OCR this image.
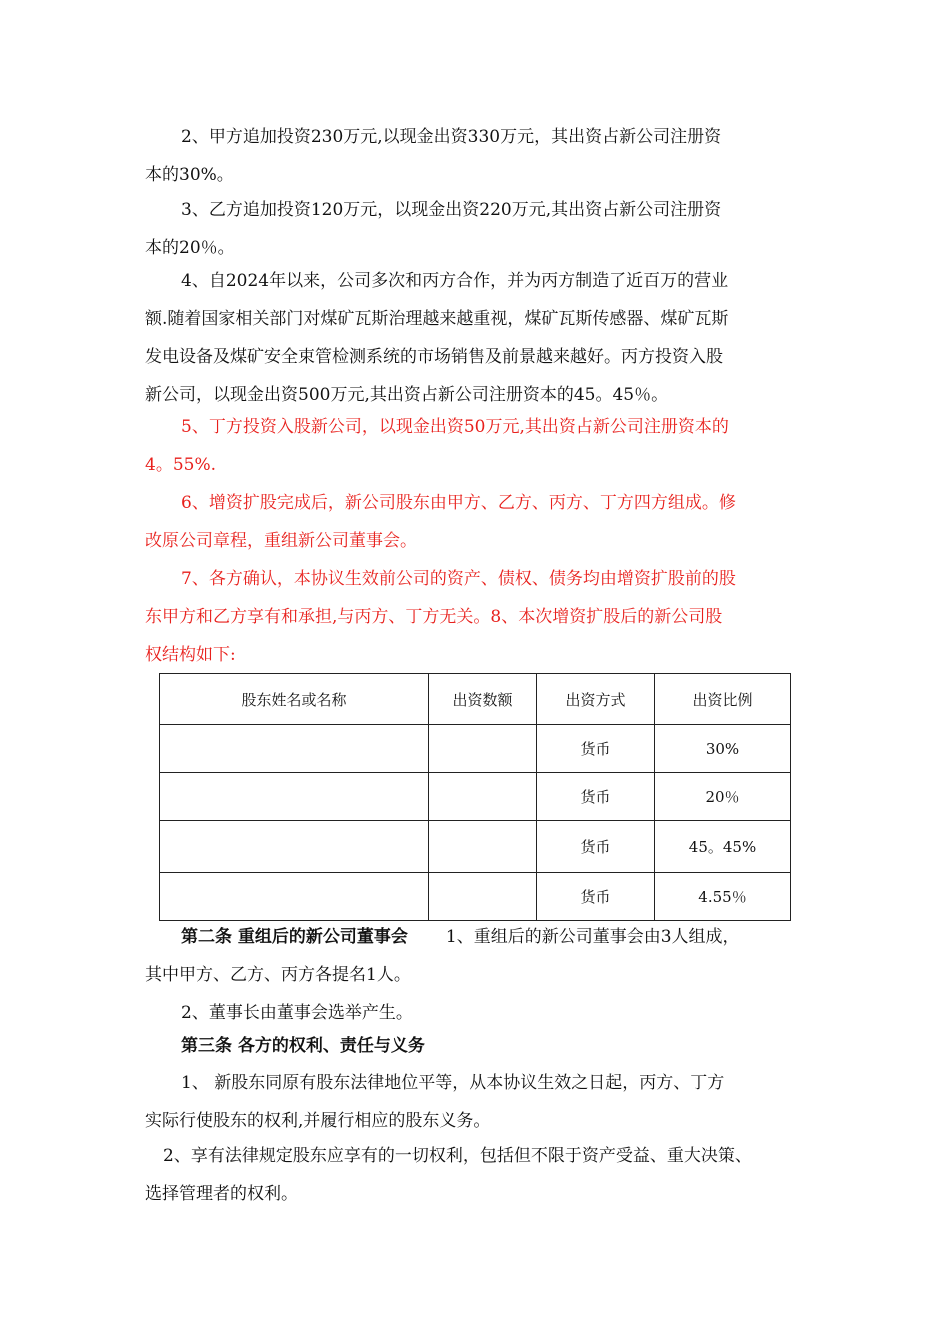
2、甲方追加投资230万元,以现金出资330万元，其出资占新公司注册资
本的30%。

3、乙方追加投资120万元，以现金出资220万元,其出资占新公司注册资
本的20％。

4、自2024年以来，公司多次和丙方合作，并为丙方制造了近百万的营业
额.随着国家相关部门对煤矿瓦斯治理越来越重视，煤矿瓦斯传感器、煤矿瓦斯
发电设备及煤矿安全束管检测系统的市场销售及前景越来越好。丙方投资入股
新公司，以现金出资500万元,其出资占新公司注册资本的45。45％。

5、丁方投资入股新公司，以现金出资50万元,其出资占新公司注册资本的
4。55%.

6、增资扩股完成后，新公司股东由甲方、乙方、丙方、丁方四方组成。修
改原公司章程，重组新公司董事会。

7、各方确认，本协议生效前公司的资产、债权、债务均由增资扩股前的股
东甲方和乙方享有和承担,与丙方、丁方无关。8、本次增资扩股后的新公司股
权结构如下:

股东姓名或名称	出资数额	出资方式	出资比例
		货币	30%
		货币	20％
		货币	45。45%
		货币	4.55％

第二条 重组后的新公司董事会 1、重组后的新公司董事会由3人组成，
其中甲方、乙方、丙方各提名1人。
2、董事长由董事会选举产生。

第三条 各方的权利、责任与义务

1、 新股东同原有股东法律地位平等，从本协议生效之日起，丙方、丁方
实际行使股东的权利,并履行相应的股东义务。

2、享有法律规定股东应享有的一切权利，包括但不限于资产受益、重大决策、
选择管理者的权利。
